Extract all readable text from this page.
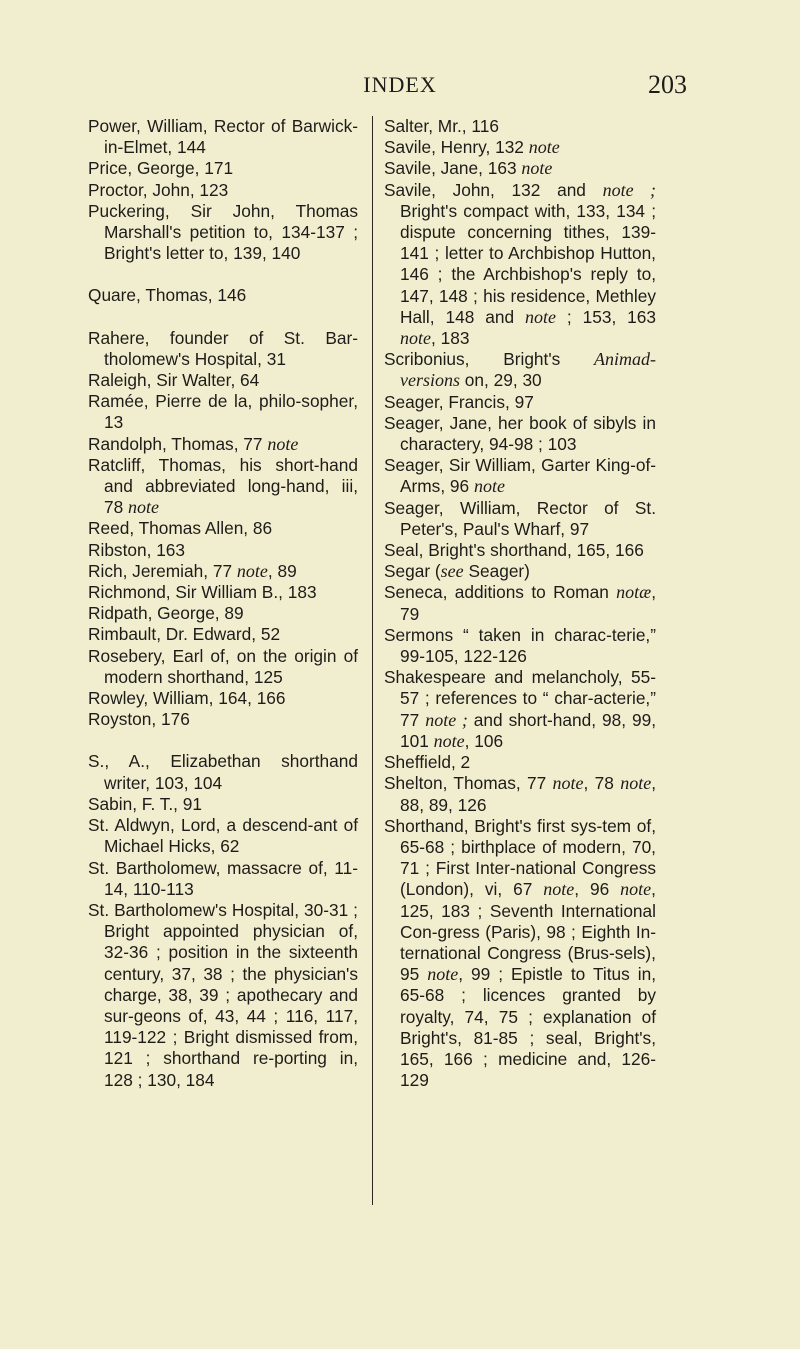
INDEX	203

Power, William, Rector of Barwick-in-Elmet, 144

Price, George, 171

Proctor, John, 123

Puckering, Sir John, Thomas Marshall's petition to, 134-137 ; Bright's letter to, 139, 140

Quare, Thomas, 146

Rahere, founder of St. Bar-tholomew's Hospital, 31

Raleigh, Sir Walter, 64

Ramée, Pierre de la, philo-sopher, 13

Randolph, Thomas, 77 note

Ratcliff, Thomas, his short-hand and abbreviated long-hand, iii, 78 note

Reed, Thomas Allen, 86

Ribston, 163

Rich, Jeremiah, 77 note, 89

Richmond, Sir William B., 183

Ridpath, George, 89

Rimbault, Dr. Edward, 52

Rosebery, Earl of, on the origin of modern shorthand, 125

Rowley, William, 164, 166

Royston, 176

S., A., Elizabethan shorthand writer, 103, 104

Sabin, F. T., 91

St. Aldwyn, Lord, a descend-ant of Michael Hicks, 62

St. Bartholomew, massacre of, 11-14, 110-113

St. Bartholomew's Hospital, 30-31 ; Bright appointed physician of, 32-36 ; position in the sixteenth century, 37, 38 ; the physician's charge, 38, 39 ; apothecary and sur-geons of, 43, 44 ; 116, 117, 119-122 ; Bright dismissed from, 121 ; shorthand re-porting in, 128 ; 130, 184

Salter, Mr., 116

Savile, Henry, 132 note

Savile, Jane, 163 note

Savile, John, 132 and note ; Bright's compact with, 133, 134 ; dispute concerning tithes, 139-141 ; letter to Archbishop Hutton, 146 ; the Archbishop's reply to, 147, 148 ; his residence, Methley Hall, 148 and note ; 153, 163 note, 183

Scribonius, Bright's Animad-versions on, 29, 30

Seager, Francis, 97

Seager, Jane, her book of sibyls in charactery, 94-98 ; 103

Seager, Sir William, Garter King-of-Arms, 96 note

Seager, William, Rector of St. Peter's, Paul's Wharf, 97

Seal, Bright's shorthand, 165, 166

Segar (see Seager)

Seneca, additions to Roman notæ, 79

Sermons “ taken in charac-terie,” 99-105, 122-126

Shakespeare and melancholy, 55-57 ; references to “ char-acterie,” 77 note ; and short-hand, 98, 99, 101 note, 106

Sheffield, 2

Shelton, Thomas, 77 note, 78 note, 88, 89, 126

Shorthand, Bright's first sys-tem of, 65-68 ; birthplace of modern, 70, 71 ; First Inter-national Congress (London), vi, 67 note, 96 note, 125, 183 ; Seventh International Con-gress (Paris), 98 ; Eighth In-ternational Congress (Brus-sels), 95 note, 99 ; Epistle to Titus in, 65-68 ; licences granted by royalty, 74, 75 ; explanation of Bright's, 81-85 ; seal, Bright's, 165, 166 ; medicine and, 126-129
